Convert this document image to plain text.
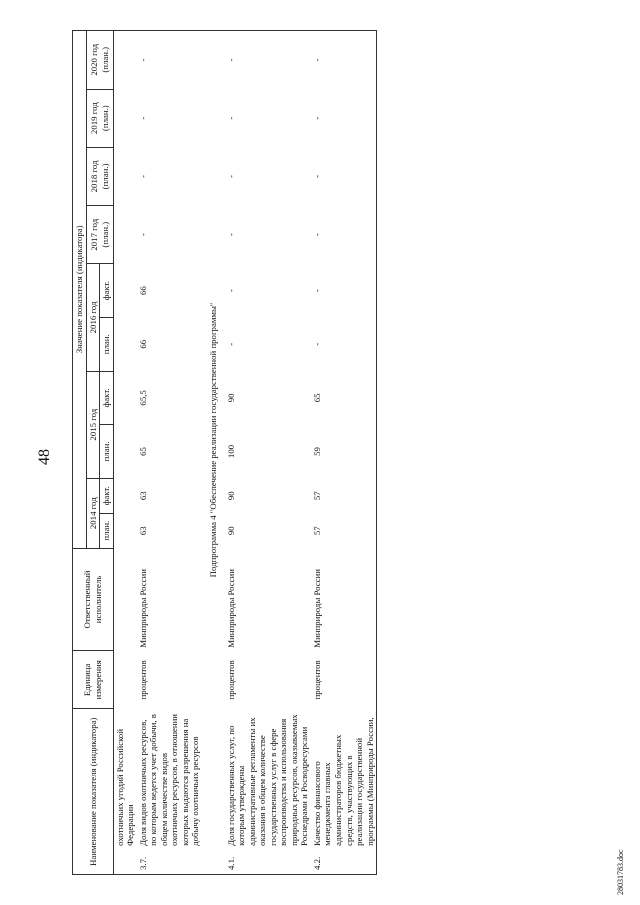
48
Наименование показателя (индикатора)		Единица измерения	Ответственный исполнитель	Значение показателя (индикатора)									
				2014 год		2015 год		2016 год		2017 год (план.)	2018 год (план.)	2019 год (план.)	2020 год (план.)
				план.	факт.	план.	факт.	план.	факт.				
	охотничьих угодий Российской Федерации												
3.7.	Доля видов охотничьих ресурсов, по которым ведется учет добычи, в общем количестве видов охотничьих ресурсов, в отношении которых выдаются разрешения на добычу охотничьих ресурсов	процентов	Минприроды России	63	63	65	65,5	66	66	-	-	-	-
	Подпрограмма 4 "Обеспечение реализации государственной программы"												
4.1.	Доля государственных услуг, по которым утверждены административные регламенты их оказания в общем количестве государственных услуг в сфере воспроизводства и использования природных ресурсов, оказываемых Роснедрами и Росводресурсами	процентов	Минприроды России	90	90	100	90	-	-	-	-	-	-
4.2.	Качество финансового менеджмента главных администраторов бюджетных средств, участвующих в реализации государственной программы (Минприроды России,	процентов	Минприроды России	57	57	59	65	-	-	-	-	-	-
2803178З.doc
